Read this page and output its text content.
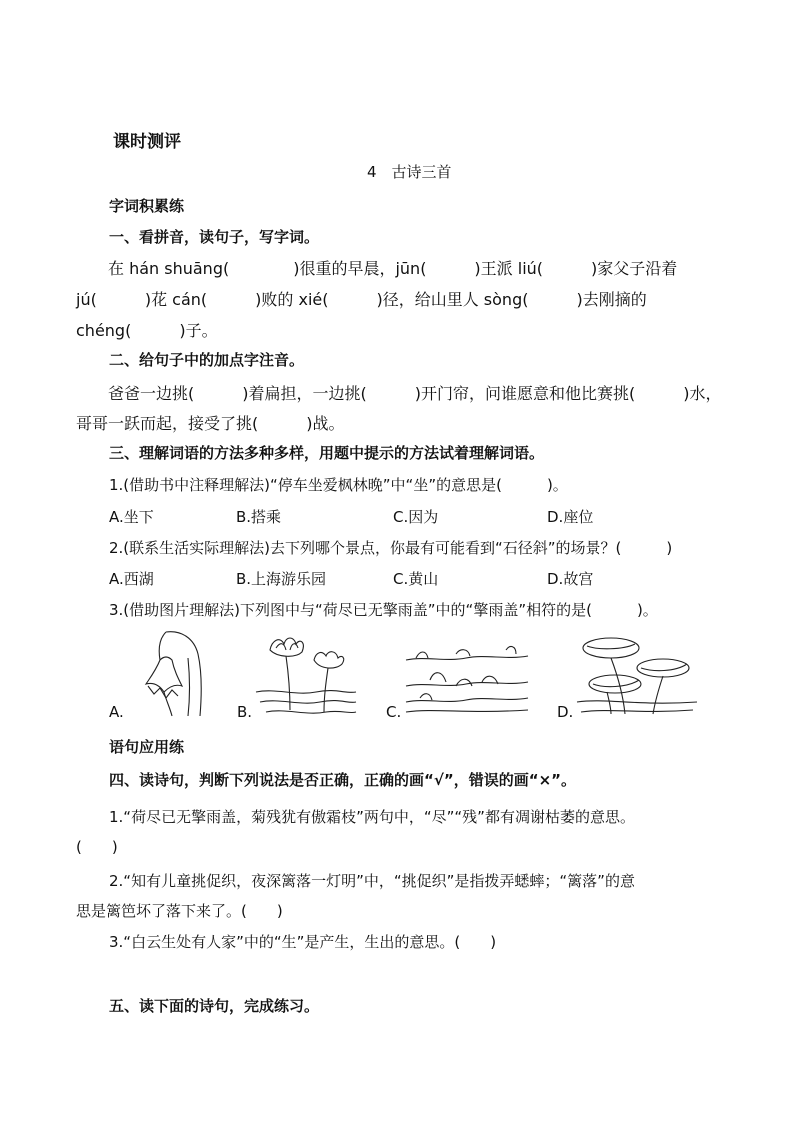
课时测评
4　古诗三首
字词积累练
一、看拼音，读句子，写字词。
在 hán shuāng(　　　　)很重的早晨，jūn(　　　)王派 liú(　　　)家父子沿着
jú(　　　)花 cán(　　　)败的 xié(　　　)径，给山里人 sòng(　　　)去刚摘的
chéng(　　　)子。
二、给句子中的加点字注音。
爸爸一边挑(　　　)着扁担，一边挑(　　　)开门帘，问谁愿意和他比赛挑(　　　)水，
哥哥一跃而起，接受了挑(　　　)战。
三、理解词语的方法多种多样，用题中提示的方法试着理解词语。
1.(借助书中注释理解法)“停车坐爱枫林晚”中“坐”的意思是(　　　)。
A.坐下	B.搭乘	C.因为	D.座位
2.(联系生活实际理解法)去下列哪个景点，你最有可能看到“石径斜”的场景？(　　　)
A.西湖	B.上海游乐园	C.黄山	D.故宫
3.(借助图片理解法)下列图中与“荷尽已无擎雨盖”中的“擎雨盖”相符的是(　　　)。
A.	B.	C.	D.
语句应用练
四、读诗句，判断下列说法是否正确，正确的画“√”，错误的画“×”。
1.“荷尽已无擎雨盖，菊残犹有傲霜枝”两句中，“尽”“残”都有凋谢枯萎的意思。
(　　)
2.“知有儿童挑促织，夜深篱落一灯明”中，“挑促织”是指拨弄蟋蟀；“篱落”的意
思是篱笆坏了落下来了。(　　)
3.“白云生处有人家”中的“生”是产生，生出的意思。(　　)
五、读下面的诗句，完成练习。
